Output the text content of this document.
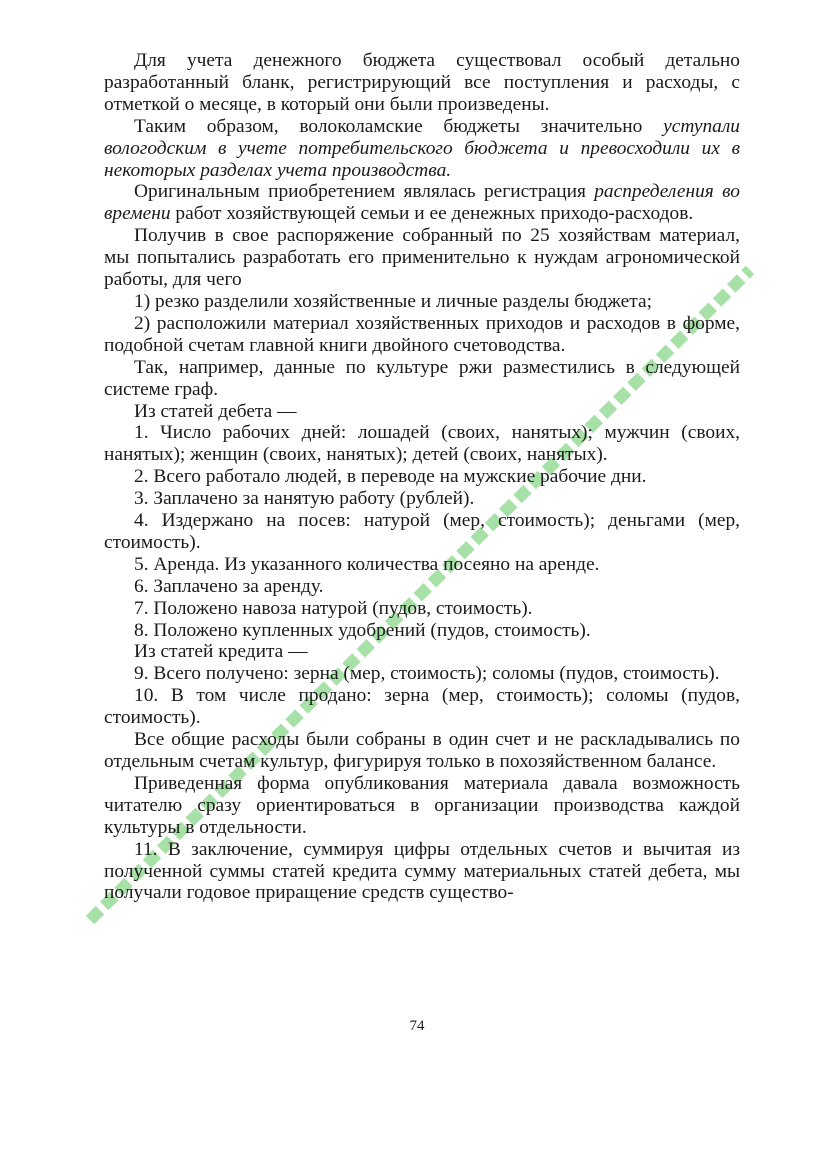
Для учета денежного бюджета существовал особый детально разработанный бланк, регистрирующий все поступления и расходы, с отметкой о месяце, в который они были произведены.

Таким образом, волоколамские бюджеты значительно уступали вологодским в учете потребительского бюджета и превосходили их в некоторых разделах учета производства.

Оригинальным приобретением являлась регистрация распределения во времени работ хозяйствующей семьи и ее денежных приходо-расходов.

Получив в свое распоряжение собранный по 25 хозяйствам материал, мы попытались разработать его применительно к нуждам агрономической работы, для чего

1) резко разделили хозяйственные и личные разделы бюджета;

2) расположили материал хозяйственных приходов и расходов в форме, подобной счетам главной книги двойного счетоводства.

Так, например, данные по культуре ржи разместились в следующей системе граф.

Из статей дебета —

1. Число рабочих дней: лошадей (своих, нанятых); мужчин (своих, нанятых); женщин (своих, нанятых); детей (своих, нанятых).

2. Всего работало людей, в переводе на мужские рабочие дни.

3. Заплачено за нанятую работу (рублей).

4. Издержано на посев: натурой (мер, стоимость); деньгами (мер, стоимость).

5. Аренда. Из указанного количества посеяно на аренде.

6. Заплачено за аренду.

7. Положено навоза натурой (пудов, стоимость).

8. Положено купленных удобрений (пудов, стоимость).

Из статей кредита —

9. Всего получено: зерна (мер, стоимость); соломы (пудов, стоимость).

10. В том числе продано: зерна (мер, стоимость); соломы (пудов, стоимость).

Все общие расходы были собраны в один счет и не раскладывались по отдельным счетам культур, фигурируя только в похозяйственном балансе.

Приведенная форма опубликования материала давала возможность читателю сразу ориентироваться в организации производства каждой культуры в отдельности.

11. В заключение, суммируя цифры отдельных счетов и вычитая из полученной суммы статей кредита сумму материальных статей дебета, мы получали годовое приращение средств существо-

74
